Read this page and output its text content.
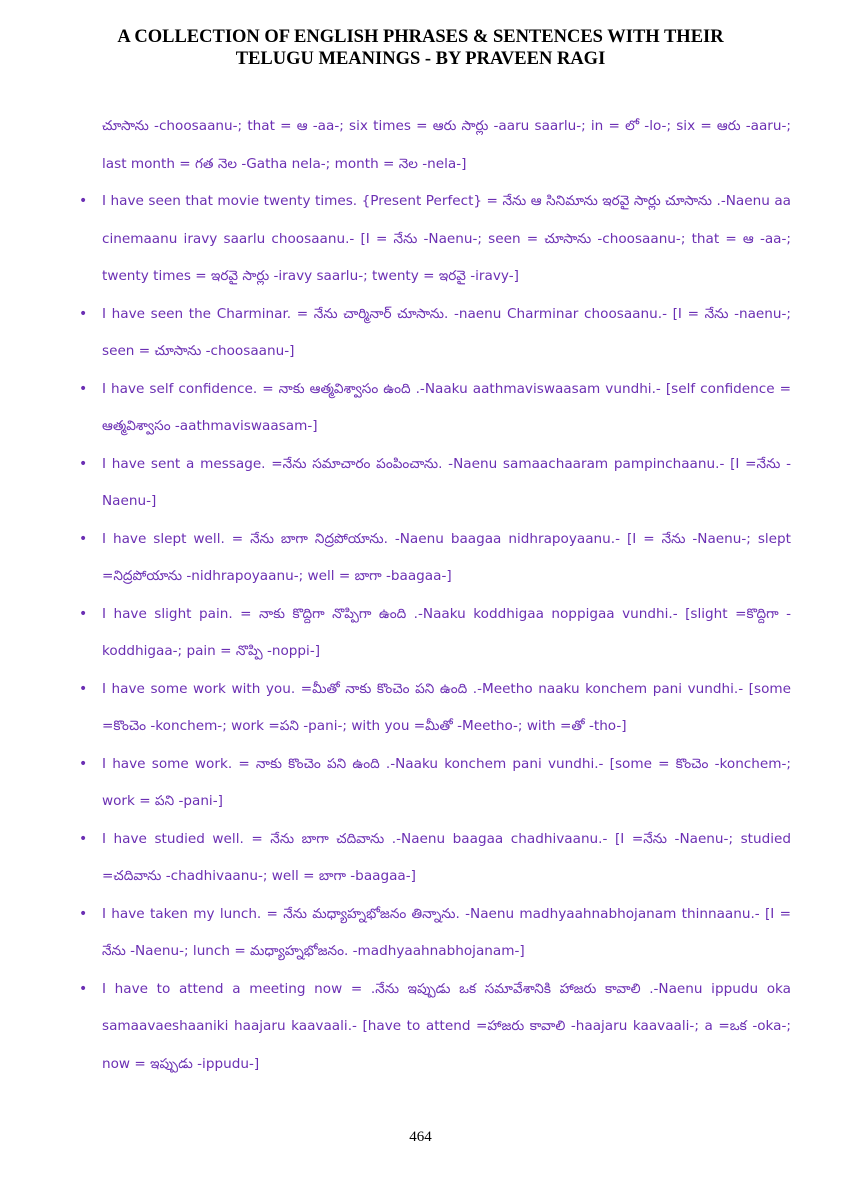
A COLLECTION OF ENGLISH PHRASES & SENTENCES WITH THEIR
TELUGU MEANINGS - BY PRAVEEN RAGI

చూసాను -choosaanu-; that = ఆ -aa-; six times = ఆరు సార్లు -aaru saarlu-; in = లో -lo-; six = ఆరు -aaru-; last month = గత నెల -Gatha nela-; month = నెల -nela-]

• I have seen that movie twenty times. {Present Perfect} = నేను ఆ సినిమాను ఇరవై సార్లు చూసాను .-Naenu aa cinemaanu iravy saarlu choosaanu.- [I = నేను -Naenu-; seen = చూసాను -choosaanu-; that = ఆ -aa-; twenty times = ఇరవై సార్లు -iravy saarlu-; twenty = ఇరవై -iravy-]

• I have seen the Charminar. = నేను చార్మినార్ చూసాను. -naenu Charminar choosaanu.- [I = నేను -naenu-; seen = చూసాను -choosaanu-]

• I have self confidence. = నాకు ఆత్మవిశ్వాసం ఉంది .-Naaku aathmaviswaasam vundhi.- [self confidence = ఆత్మవిశ్వాసం -aathmaviswaasam-]

• I have sent a message. =నేను సమాచారం పంపించాను. -Naenu samaachaaram pampinchaanu.- [I =నేను -Naenu-]

• I have slept well. = నేను బాగా నిద్రపోయాను. -Naenu baagaa nidhrapoyaanu.- [I = నేను -Naenu-; slept =నిద్రపోయాను -nidhrapoyaanu-; well = బాగా -baagaa-]

• I have slight pain. = నాకు కొద్దిగా నొప్పిగా ఉంది .-Naaku koddhigaa noppigaa vundhi.- [slight =కొద్దిగా -koddhigaa-; pain = నొప్పి -noppi-]

• I have some work with you. =మీతో నాకు కొంచెం పని ఉంది .-Meetho naaku konchem pani vundhi.- [some =కొంచెం -konchem-; work =పని -pani-; with you =మీతో -Meetho-; with =తో -tho-]

• I have some work. = నాకు కొంచెం పని ఉంది .-Naaku konchem pani vundhi.- [some = కొంచెం -konchem-; work = పని -pani-]

• I have studied well. = నేను బాగా చదివాను .-Naenu baagaa chadhivaanu.- [I =నేను -Naenu-; studied =చదివాను -chadhivaanu-; well = బాగా -baagaa-]

• I have taken my lunch. = నేను మధ్యాహ్నభోజనం తిన్నాను. -Naenu madhyaahnabhojanam thinnaanu.- [I = నేను -Naenu-; lunch = మధ్యాహ్నభోజనం. -madhyaahnabhojanam-]

• I have to attend a meeting now = .నేను ఇప్పుడు ఒక సమావేశానికి హాజరు కావాలి .-Naenu ippudu oka samaavaeshaaniki haajaru kaavaali.- [have to attend =హాజరు కావాలి -haajaru kaavaali-; a =ఒక -oka-; now = ఇప్పుడు -ippudu-]

464
